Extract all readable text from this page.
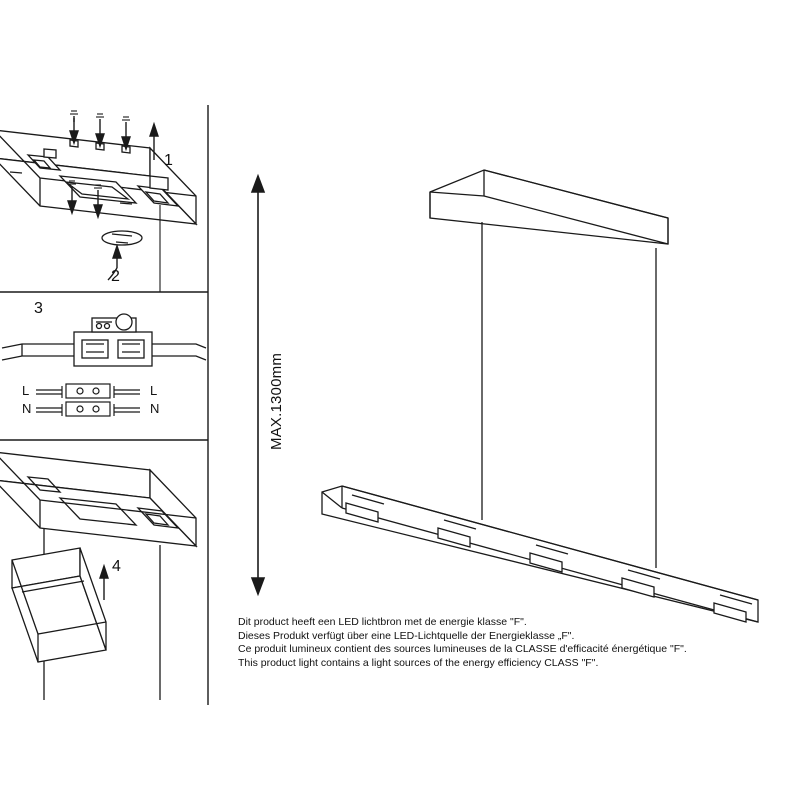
1
2
3
L
N
L
N
4
MAX.1300mm
Dit product heeft een LED lichtbron met de energie klasse "F".
Dieses Produkt verfügt über eine LED-Lichtquelle der Energieklasse „F".
Ce produit lumineux contient des sources lumineuses de la CLASSE d'efficacité énergétique "F".
This product light contains a light sources of the energy efficiency CLASS "F".
